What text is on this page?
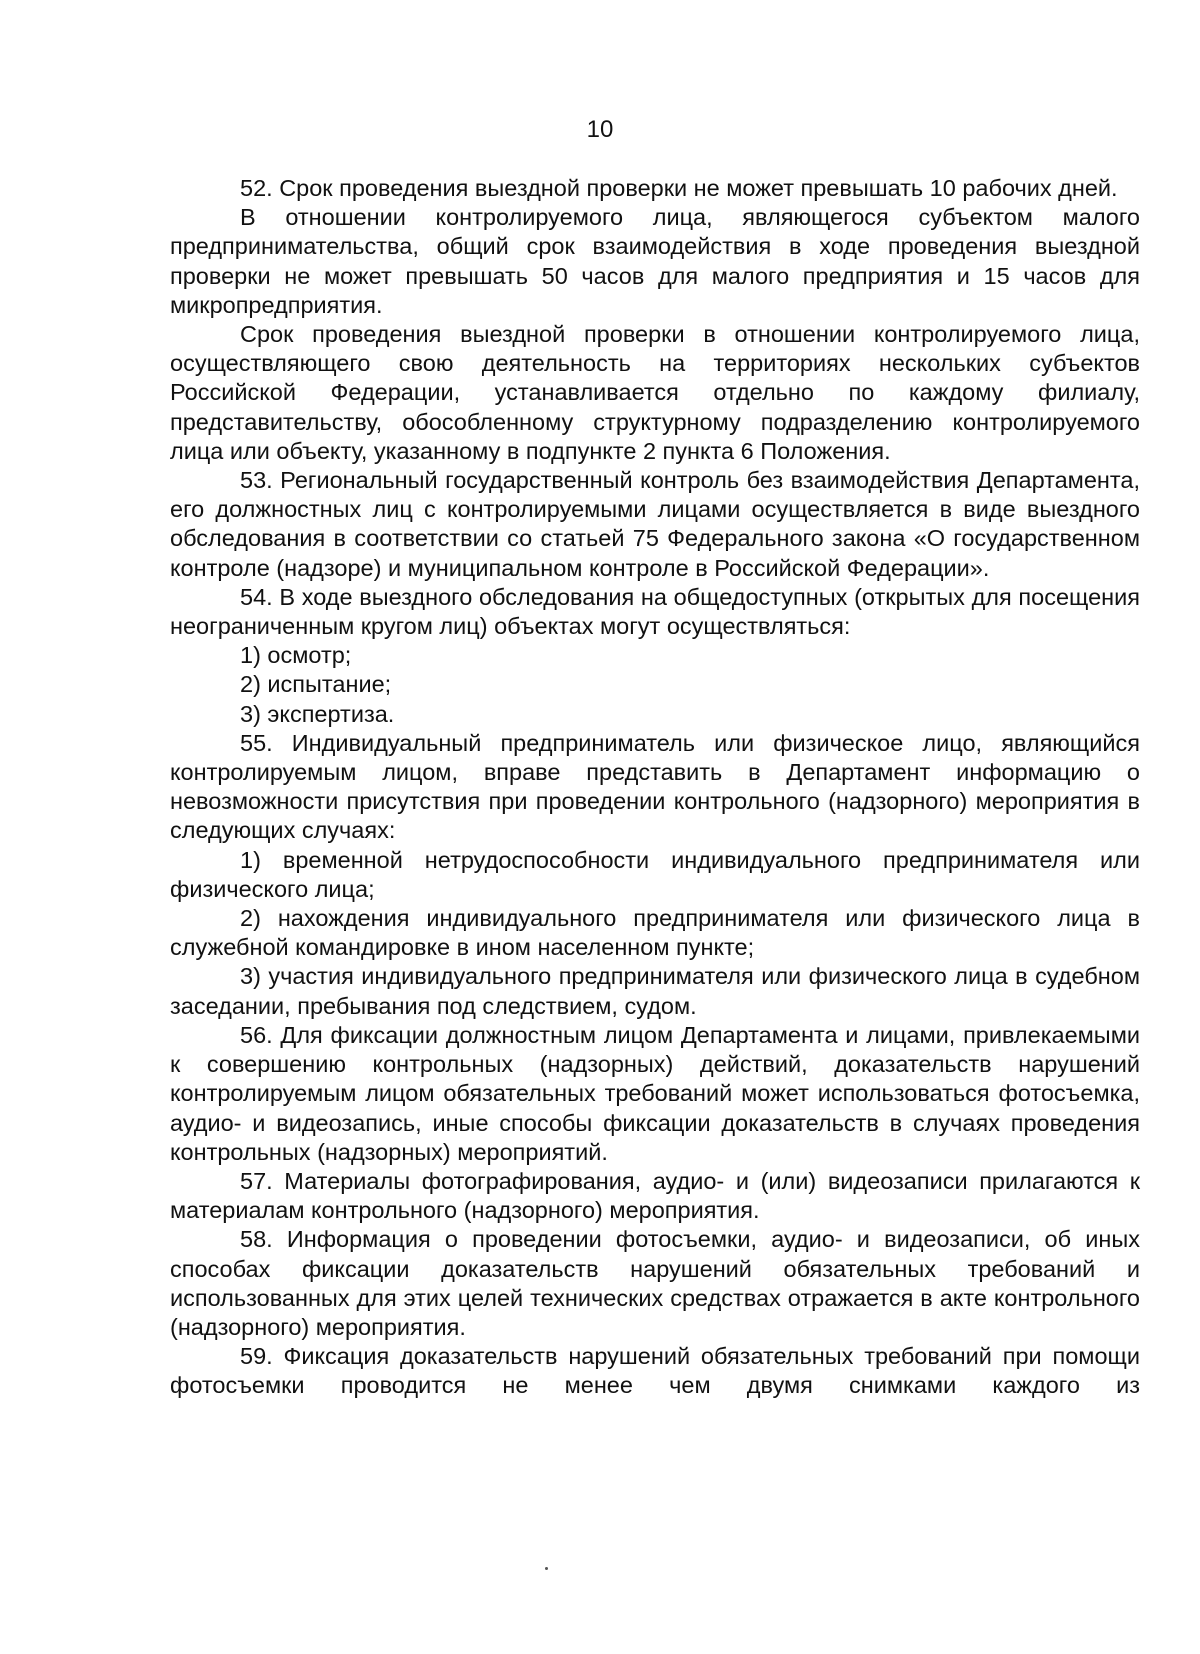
10

52. Срок проведения выездной проверки не может превышать 10 рабочих дней.

В отношении контролируемого лица, являющегося субъектом малого предпринимательства, общий срок взаимодействия в ходе проведения выездной проверки не может превышать 50 часов для малого предприятия и 15 часов для микропредприятия.

Срок проведения выездной проверки в отношении контролируемого лица, осуществляющего свою деятельность на территориях нескольких субъектов Российской Федерации, устанавливается отдельно по каждому филиалу, представительству, обособленному структурному подразделению контролируемого лица или объекту, указанному в подпункте 2 пункта 6 Положения.

53. Региональный государственный контроль без взаимодействия Департамента, его должностных лиц с контролируемыми лицами осуществляется в виде выездного обследования в соответствии со статьей 75 Федерального закона «О государственном контроле (надзоре) и муниципальном контроле в Российской Федерации».

54. В ходе выездного обследования на общедоступных (открытых для посещения неограниченным кругом лиц) объектах могут осуществляться:

1) осмотр;

2) испытание;

3) экспертиза.

55. Индивидуальный предприниматель или физическое лицо, являющийся контролируемым лицом, вправе представить в Департамент информацию о невозможности присутствия при проведении контрольного (надзорного) мероприятия в следующих случаях:

1) временной нетрудоспособности индивидуального предпринимателя или физического лица;

2) нахождения индивидуального предпринимателя или физического лица в служебной командировке в ином населенном пункте;

3) участия индивидуального предпринимателя или физического лица в судебном заседании, пребывания под следствием, судом.

56. Для фиксации должностным лицом Департамента и лицами, привлекаемыми к совершению контрольных (надзорных) действий, доказательств нарушений контролируемым лицом обязательных требований может использоваться фотосъемка, аудио- и видеозапись, иные способы фиксации доказательств в случаях проведения контрольных (надзорных) мероприятий.

57. Материалы фотографирования, аудио- и (или) видеозаписи прилагаются к материалам контрольного (надзорного) мероприятия.

58. Информация о проведении фотосъемки, аудио- и видеозаписи, об иных способах фиксации доказательств нарушений обязательных требований и использованных для этих целей технических средствах отражается в акте контрольного (надзорного) мероприятия.

59. Фиксация доказательств нарушений обязательных требований при помощи фотосъемки проводится не менее чем двумя снимками каждого из
